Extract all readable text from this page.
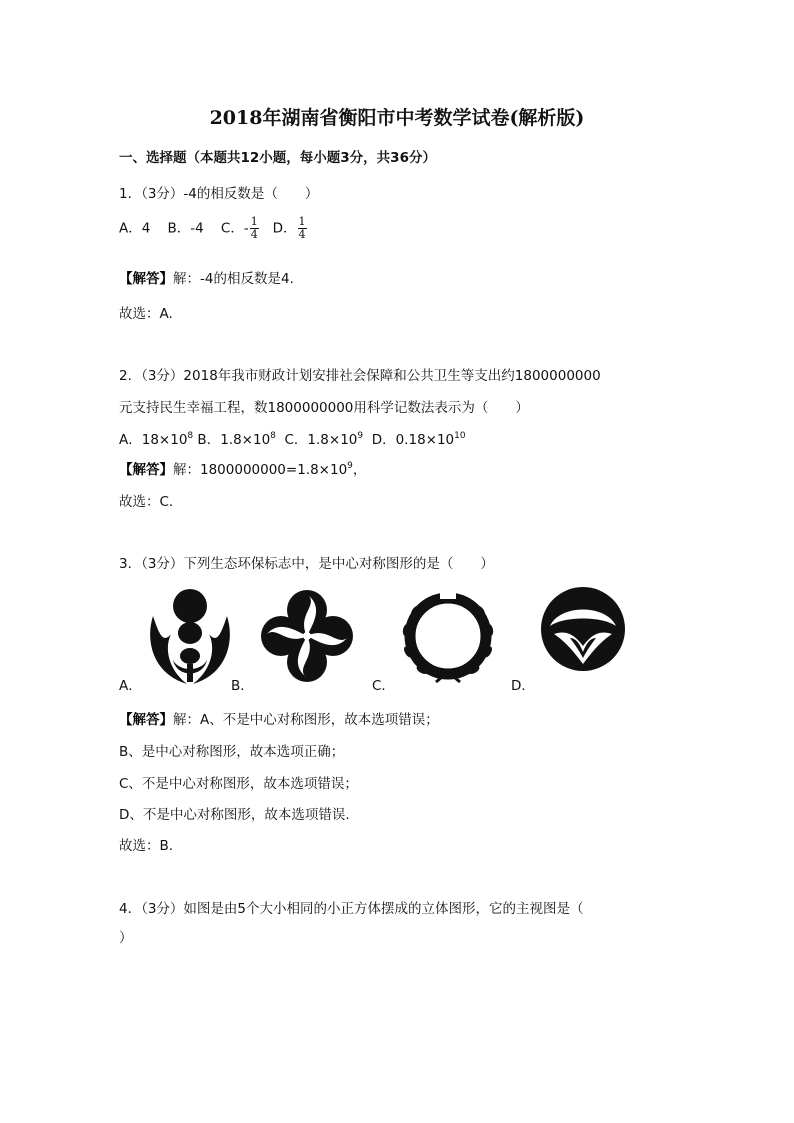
2018年湖南省衡阳市中考数学试卷(解析版)
一、选择题（本题共12小题，每小题3分，共36分）
1．（3分）-4的相反数是（　　）
A．4 B．-4 C．- $\frac{1}{4}$ D． $\frac{1}{4}$
【解答】解：-4的相反数是4.
故选：A.
2．（3分）2018年我市财政计划安排社会保障和公共卫生等支出约1800000000
元支持民生幸福工程，数1800000000用科学记数法表示为（　　）
A．$18\times 10^8$ B．$1.8\times 10^8$ C．$1.8\times 10^9$ D．$0.18\times 10^{10}$
【解答】解：$1800000000=1.8\times 10^9$，
故选：C.
3．（3分）下列生态环保标志中，是中心对称图形的是（　　）
A．	B．	C．	D．
【解答】解：A、不是中心对称图形，故本选项错误；
B、是中心对称图形，故本选项正确；
C、不是中心对称图形，故本选项错误；
D、不是中心对称图形，故本选项错误.
故选：B.
4．（3分）如图是由5个大小相同的小正方体摆成的立体图形，它的主视图是（
）
